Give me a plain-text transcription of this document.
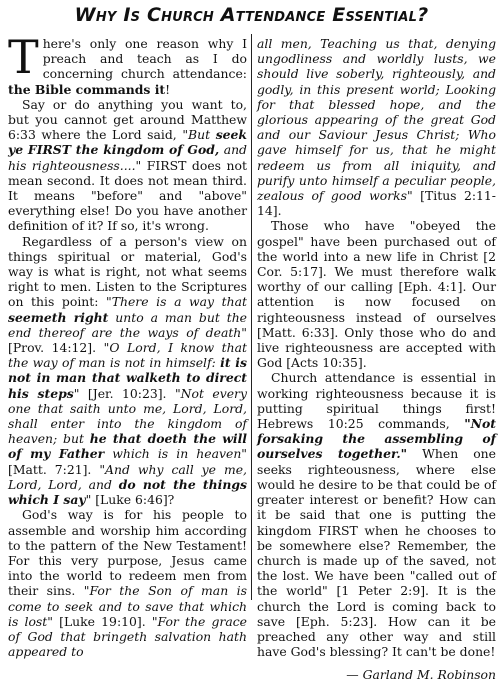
Why Is Church Attendance Essential?

There's only one reason why I preach and teach as I do concerning church attendance: the Bible commands it!

Say or do anything you want to, but you cannot get around Matthew 6:33 where the Lord said, "But seek ye FIRST the kingdom of God, and his righteousness...." FIRST does not mean second. It does not mean third. It means "before" and "above" everything else! Do you have another definition of it? If so, it's wrong.

Regardless of a person's view on things spiritual or material, God's way is what is right, not what seems right to men. Listen to the Scriptures on this point: "There is a way that seemeth right unto a man but the end thereof are the ways of death" [Prov. 14:12]. "O Lord, I know that the way of man is not in himself: it is not in man that walketh to direct his steps" [Jer. 10:23]. "Not every one that saith unto me, Lord, Lord, shall enter into the kingdom of heaven; but he that doeth the will of my Father which is in heaven" [Matt. 7:21]. "And why call ye me, Lord, Lord, and do not the things which I say" [Luke 6:46]?

God's way is for his people to assemble and worship him according to the pattern of the New Testament! For this very purpose, Jesus came into the world to redeem men from their sins. "For the Son of man is come to seek and to save that which is lost" [Luke 19:10]. "For the grace of God that bringeth salvation hath appeared to

all men, Teaching us that, denying ungodliness and worldly lusts, we should live soberly, righteously, and godly, in this present world; Looking for that blessed hope, and the glorious appearing of the great God and our Saviour Jesus Christ; Who gave himself for us, that he might redeem us from all iniquity, and purify unto himself a peculiar people, zealous of good works" [Titus 2:11-14].

Those who have "obeyed the gospel" have been purchased out of the world into a new life in Christ [2 Cor. 5:17]. We must therefore walk worthy of our calling [Eph. 4:1]. Our attention is now focused on righteousness instead of ourselves [Matt. 6:33]. Only those who do and live righteousness are accepted with God [Acts 10:35].

Church attendance is essential in working righteousness because it is putting spiritual things first! Hebrews 10:25 commands, "Not forsaking the assembling of ourselves together." When one seeks righteousness, where else would he desire to be that could be of greater interest or benefit? How can it be said that one is putting the kingdom FIRST when he chooses to be somewhere else? Remember, the church is made up of the saved, not the lost. We have been "called out of the world" [1 Peter 2:9]. It is the church the Lord is coming back to save [Eph. 5:23]. How can it be preached any other way and still have God's blessing? It can't be done!

— Garland M. Robinson
